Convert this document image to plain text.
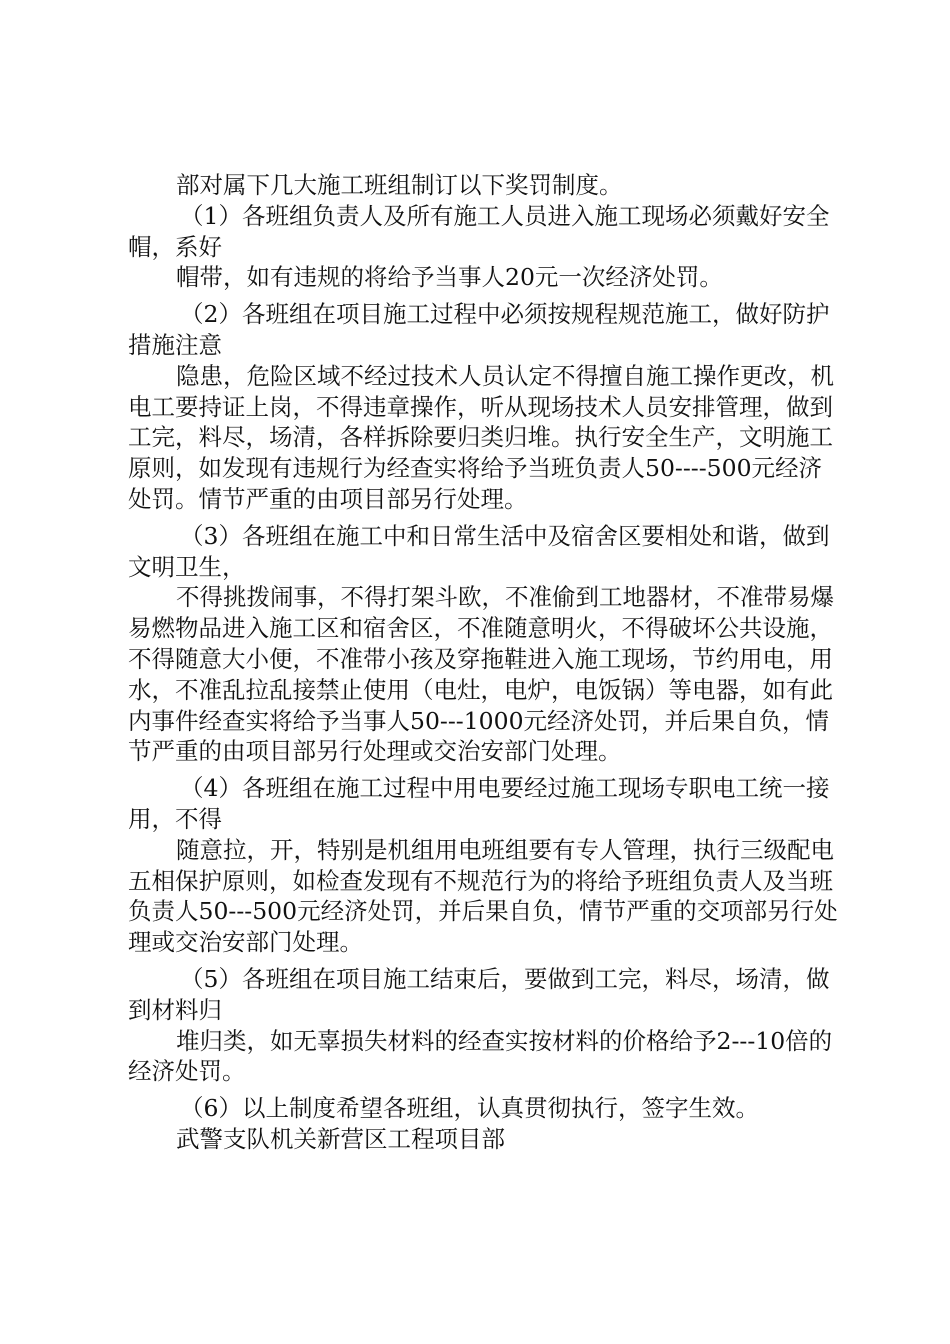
部对属下几大施工班组制订以下奖罚制度。

（1）各班组负责人及所有施工人员进入施工现场必须戴好安全帽，系好

帽带，如有违规的将给予当事人20元一次经济处罚。

（2）各班组在项目施工过程中必须按规程规范施工，做好防护措施注意

隐患，危险区域不经过技术人员认定不得擅自施工操作更改，机电工要持证上岗，不得违章操作，听从现场技术人员安排管理，做到工完，料尽，场清，各样拆除要归类归堆。执行安全生产，文明施工原则，如发现有违规行为经查实将给予当班负责人50----500元经济处罚。情节严重的由项目部另行处理。

（3）各班组在施工中和日常生活中及宿舍区要相处和谐，做到文明卫生，

不得挑拨闹事，不得打架斗欧，不准偷到工地器材，不准带易爆易燃物品进入施工区和宿舍区，不准随意明火，不得破坏公共设施，不得随意大小便，不准带小孩及穿拖鞋进入施工现场，节约用电，用水，不准乱拉乱接禁止使用（电灶，电炉，电饭锅）等电器，如有此内事件经查实将给予当事人50---1000元经济处罚，并后果自负，情节严重的由项目部另行处理或交治安部门处理。

（4）各班组在施工过程中用电要经过施工现场专职电工统一接用，不得

随意拉，开，特别是机组用电班组要有专人管理，执行三级配电五相保护原则，如检查发现有不规范行为的将给予班组负责人及当班负责人50---500元经济处罚，并后果自负，情节严重的交项部另行处理或交治安部门处理。

（5）各班组在项目施工结束后，要做到工完，料尽，场清，做到材料归

堆归类，如无辜损失材料的经查实按材料的价格给予2---10倍的经济处罚。

（6）以上制度希望各班组，认真贯彻执行，签字生效。

武警支队机关新营区工程项目部
